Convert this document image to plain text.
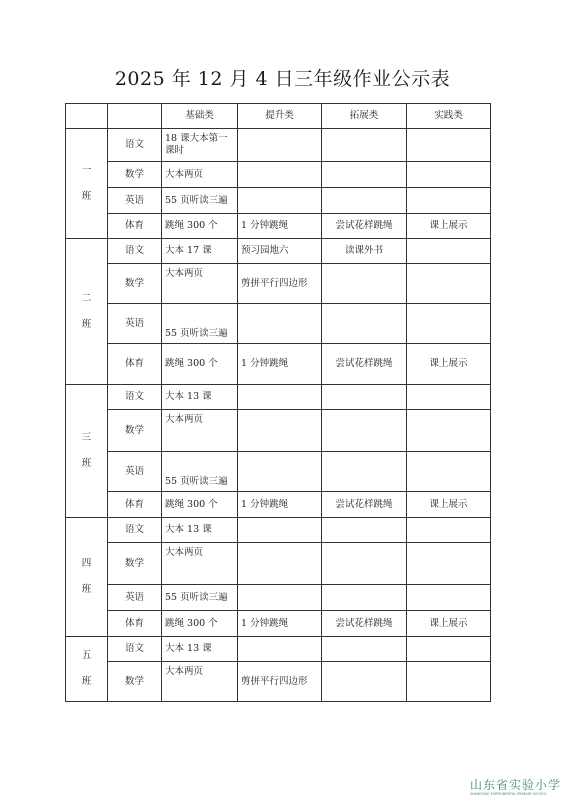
2025 年 12 月 4 日三年级作业公示表
		基础类	提升类	拓展类	实践类
一班	语文	18 课大本第一课时			
	数学	大本两页			
	英语	55 页听读三遍			
	体育	跳绳 300 个	1 分钟跳绳	尝试花样跳绳	课上展示
二班	语文	大本 17 课	预习园地六	读课外书	
	数学	大本两页	剪拼平行四边形		
	英语	55 页听读三遍			
	体育	跳绳 300 个	1 分钟跳绳	尝试花样跳绳	课上展示
三班	语文	大本 13 课			
	数学	大本两页			
	英语	55 页听读三遍			
	体育	跳绳 300 个	1 分钟跳绳	尝试花样跳绳	课上展示
四班	语文	大本 13 课			
	数学	大本两页			
	英语	55 页听读三遍			
	体育	跳绳 300 个	1 分钟跳绳	尝试花样跳绳	课上展示
五班	语文	大本 13 课			
	数学	大本两页	剪拼平行四边形		
山东省实验小学
SHANDONG EXPERIMENTAL PRIMARY SCHOOL
